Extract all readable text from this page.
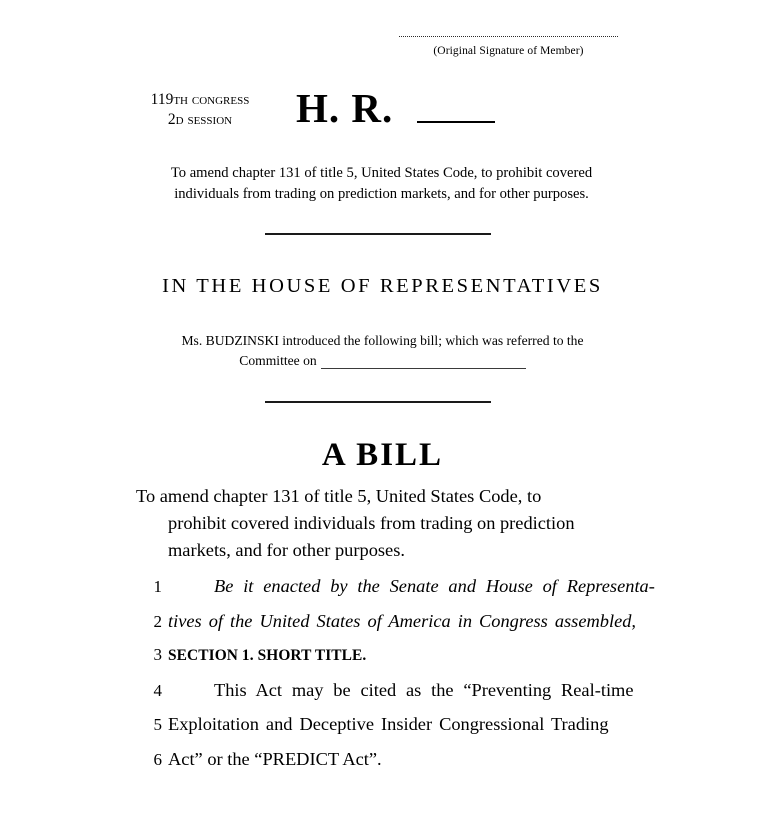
(Original Signature of Member)
119th congress
2d session	H. R.
To amend chapter 131 of title 5, United States Code, to prohibit covered individuals from trading on prediction markets, and for other purposes.
IN THE HOUSE OF REPRESENTATIVES
Ms. BUDZINSKI introduced the following bill; which was referred to the
Committee on
A BILL
To amend chapter 131 of title 5, United States Code, to
prohibit covered individuals from trading on prediction
markets, and for other purposes.
1	Be it enacted by the Senate and House of Representa-
2 tives of the United States of America in Congress assembled,
3 SECTION 1. SHORT TITLE.
4	This Act may be cited as the “Preventing Real-time
5 Exploitation and Deceptive Insider Congressional Trading
6 Act” or the “PREDICT Act”.
